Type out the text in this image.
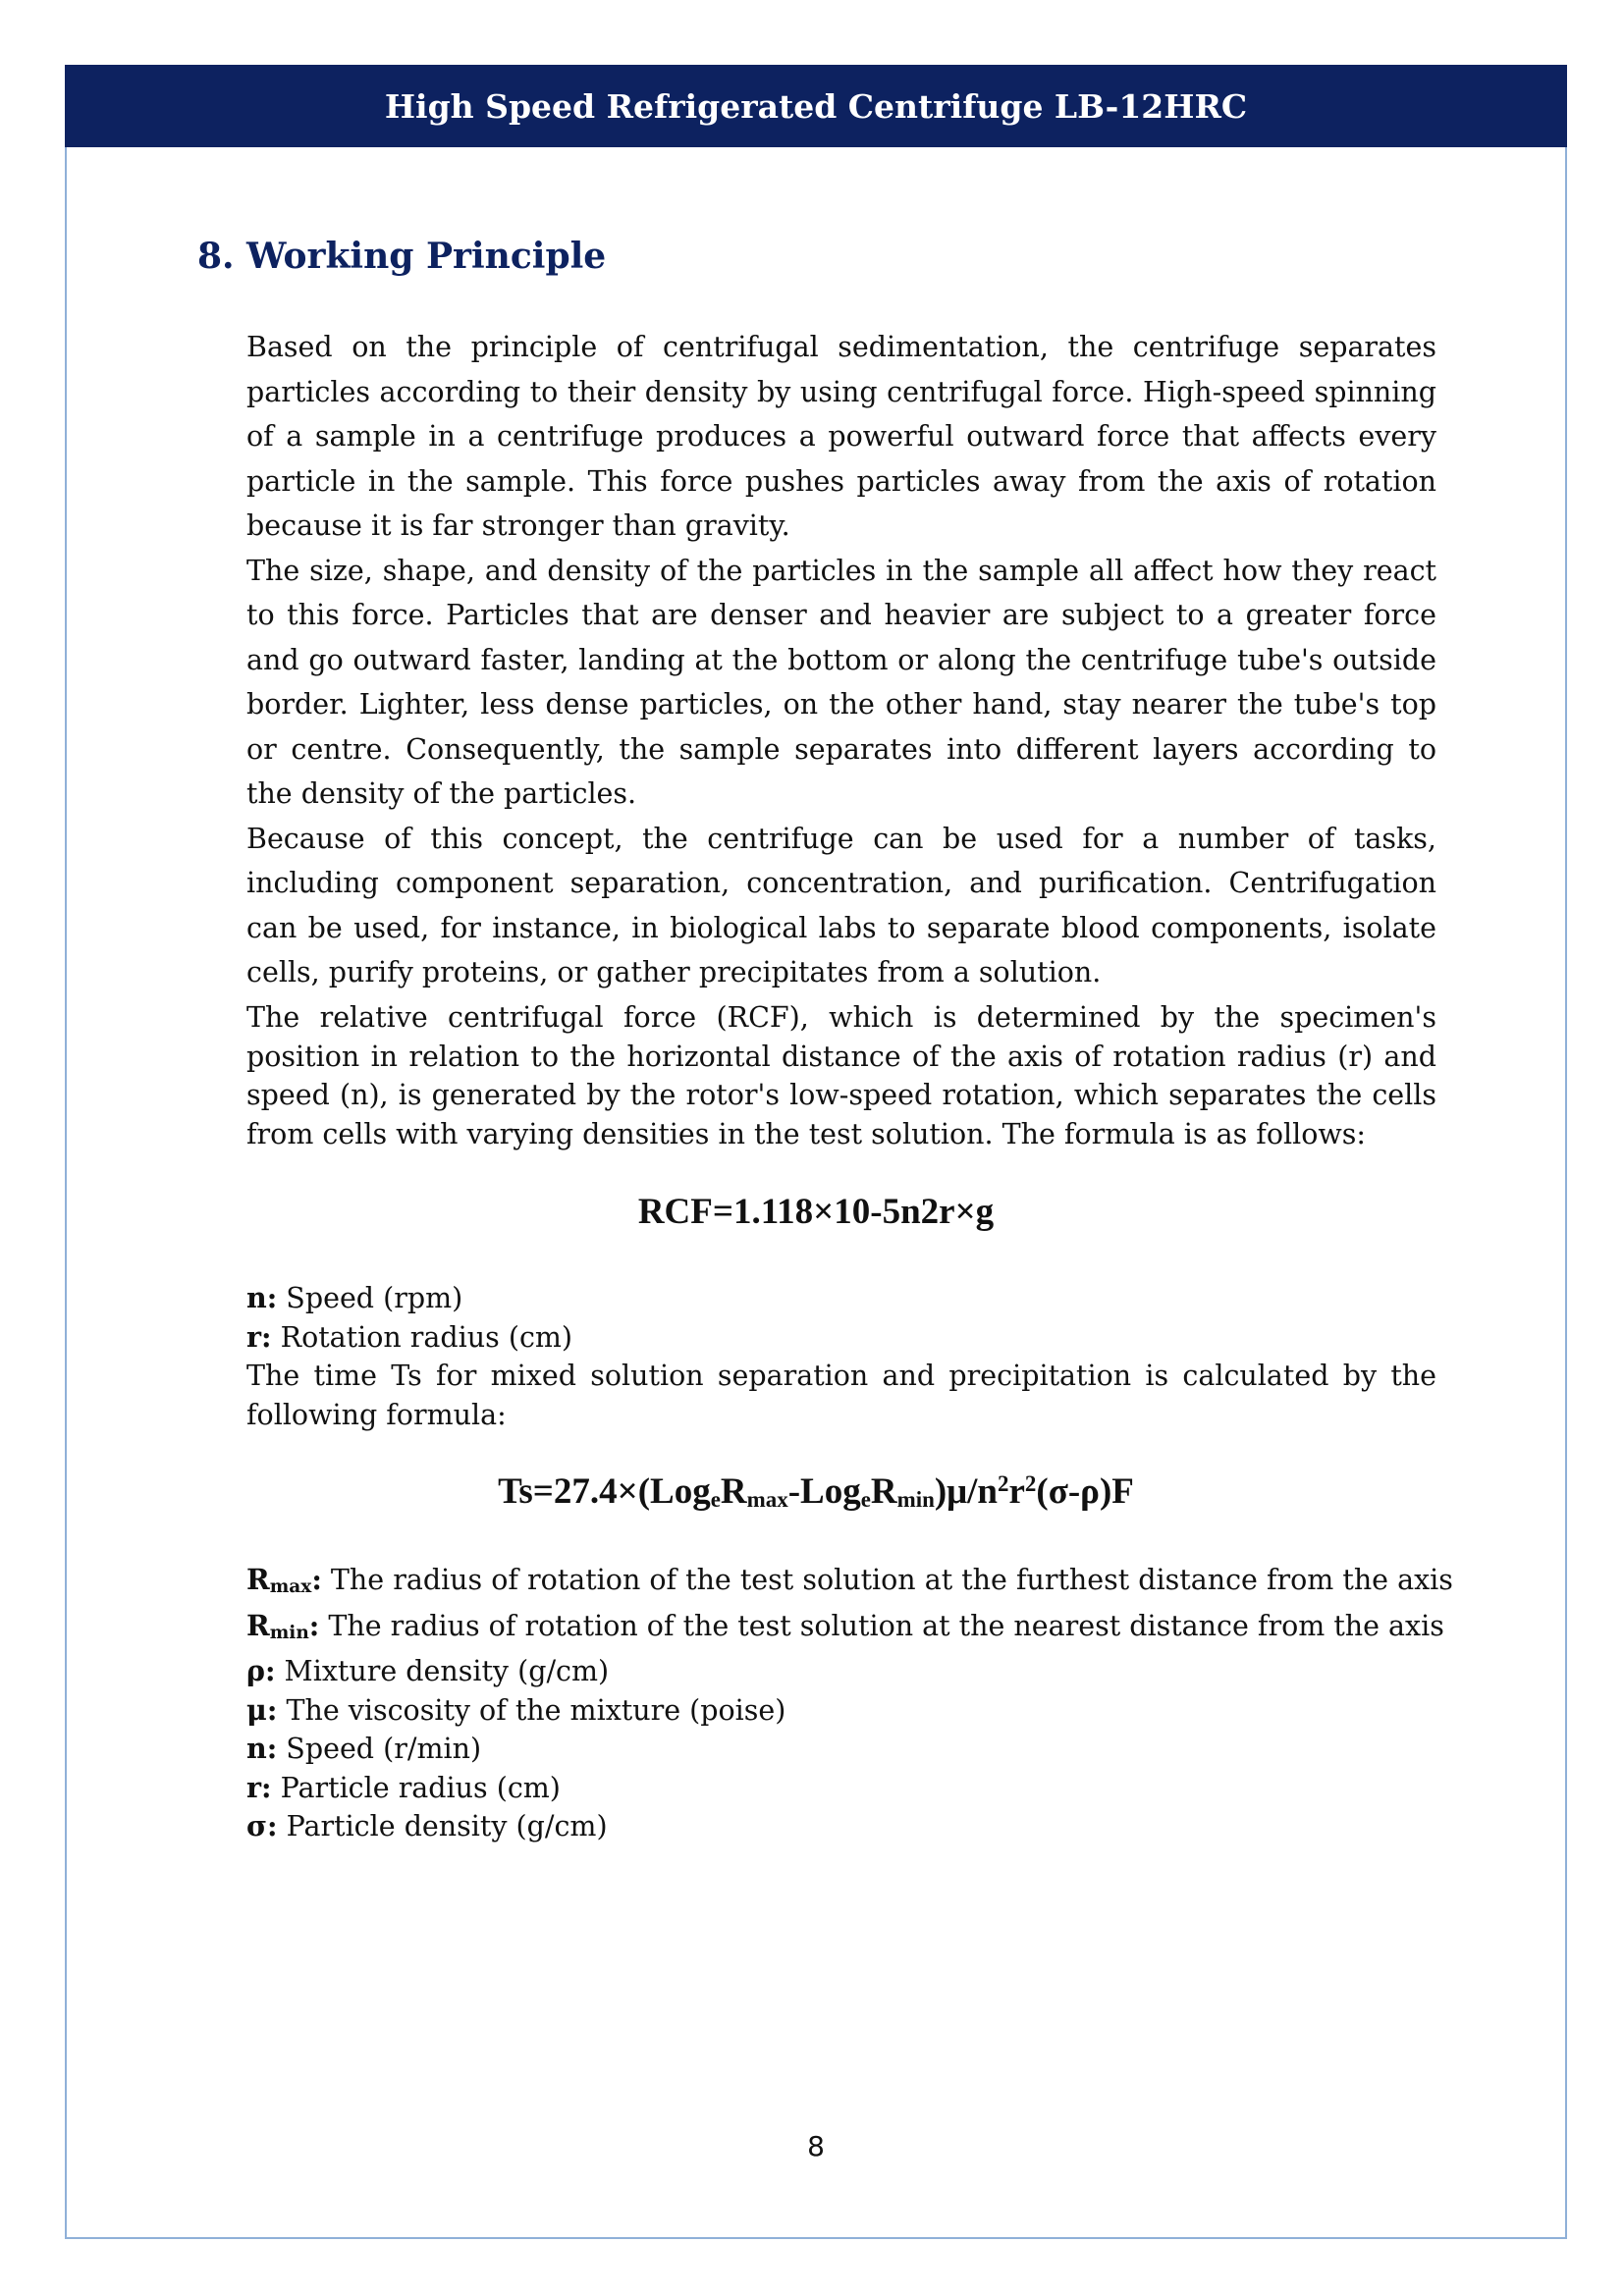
High Speed Refrigerated Centrifuge LB-12HRC
8. Working Principle

Based on the principle of centrifugal sedimentation, the centrifuge separates particles according to their density by using centrifugal force. High-speed spinning of a sample in a centrifuge produces a powerful outward force that affects every particle in the sample. This force pushes particles away from the axis of rotation because it is far stronger than gravity.

The size, shape, and density of the particles in the sample all affect how they react to this force. Particles that are denser and heavier are subject to a greater force and go outward faster, landing at the bottom or along the centrifuge tube's outside border. Lighter, less dense particles, on the other hand, stay nearer the tube's top or centre. Consequently, the sample separates into different layers according to the density of the particles.

Because of this concept, the centrifuge can be used for a number of tasks, including component separation, concentration, and purification. Centrifugation can be used, for instance, in biological labs to separate blood components, isolate cells, purify proteins, or gather precipitates from a solution.

The relative centrifugal force (RCF), which is determined by the specimen's position in relation to the horizontal distance of the axis of rotation radius (r) and speed (n), is generated by the rotor's low-speed rotation, which separates the cells from cells with varying densities in the test solution. The formula is as follows:

RCF=1.118×10-5n2r×g
n: Speed (rpm)
r: Rotation radius (cm)
The time Ts for mixed solution separation and precipitation is calculated by the following formula:
$Ts=27.4\times(Log_eR_{max}-Log_eR_{min})\mu/n^2r^2(\sigma-\rho)F$
$R_{max}$: The radius of rotation of the test solution at the furthest distance from the axis
$R_{min}$: The radius of rotation of the test solution at the nearest distance from the axis
ρ: Mixture density (g/cm)
μ: The viscosity of the mixture (poise)
n: Speed (r/min)
r: Particle radius (cm)
σ: Particle density (g/cm)
8
